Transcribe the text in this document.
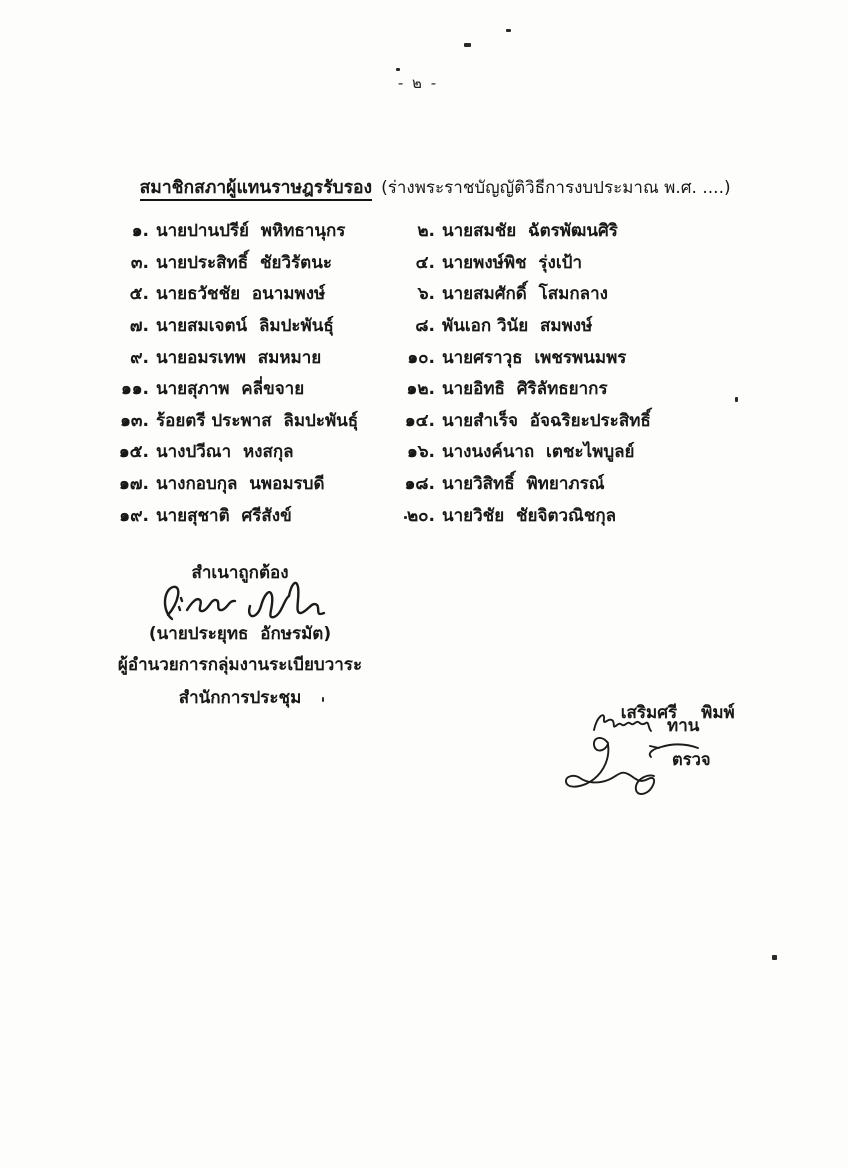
- ๒ -

สมาชิกสภาผู้แทนราษฎรรับรอง (ร่างพระราชบัญญัติวิธีการงบประมาณ พ.ศ. ....)

๑. นายปานปรีย์  พหิทธานุกร
๓. นายประสิทธิ์  ชัยวิรัตนะ
๕. นายธวัชชัย  อนามพงษ์
๗. นายสมเจตน์  ลิมปะพันธุ์
๙. นายอมรเทพ  สมหมาย
๑๑. นายสุภาพ  คลี่ขจาย
๑๓. ร้อยตรี ประพาส  ลิมปะพันธุ์
๑๕. นางปวีณา  หงสกุล
๑๗. นางกอบกุล  นพอมรบดี
๑๙. นายสุชาติ  ศรีสังข์
๒. นายสมชัย  ฉัตรพัฒนศิริ
๔. นายพงษ์พิช  รุ่งเป้า
๖. นายสมศักดิ์  โสมกลาง
๘. พันเอก วินัย  สมพงษ์
๑๐. นายศราวุธ  เพชรพนมพร
๑๒. นายอิทธิ  ศิริลัทธยากร
๑๔. นายสำเร็จ  อัจฉริยะประสิทธิ์
๑๖. นางนงค์นาถ  เตชะไพบูลย์
๑๘. นายวิสิทธิ์  พิทยาภรณ์
๒๐. นายวิชัย  ชัยจิตวณิชกุล
สำเนาถูกต้อง
(นายประยุทธ  อักษรมัต)
ผู้อำนวยการกลุ่มงานระเบียบวาระ
สำนักการประชุม

เสริมศรี พิมพ์

ทาน
ตรวจ
